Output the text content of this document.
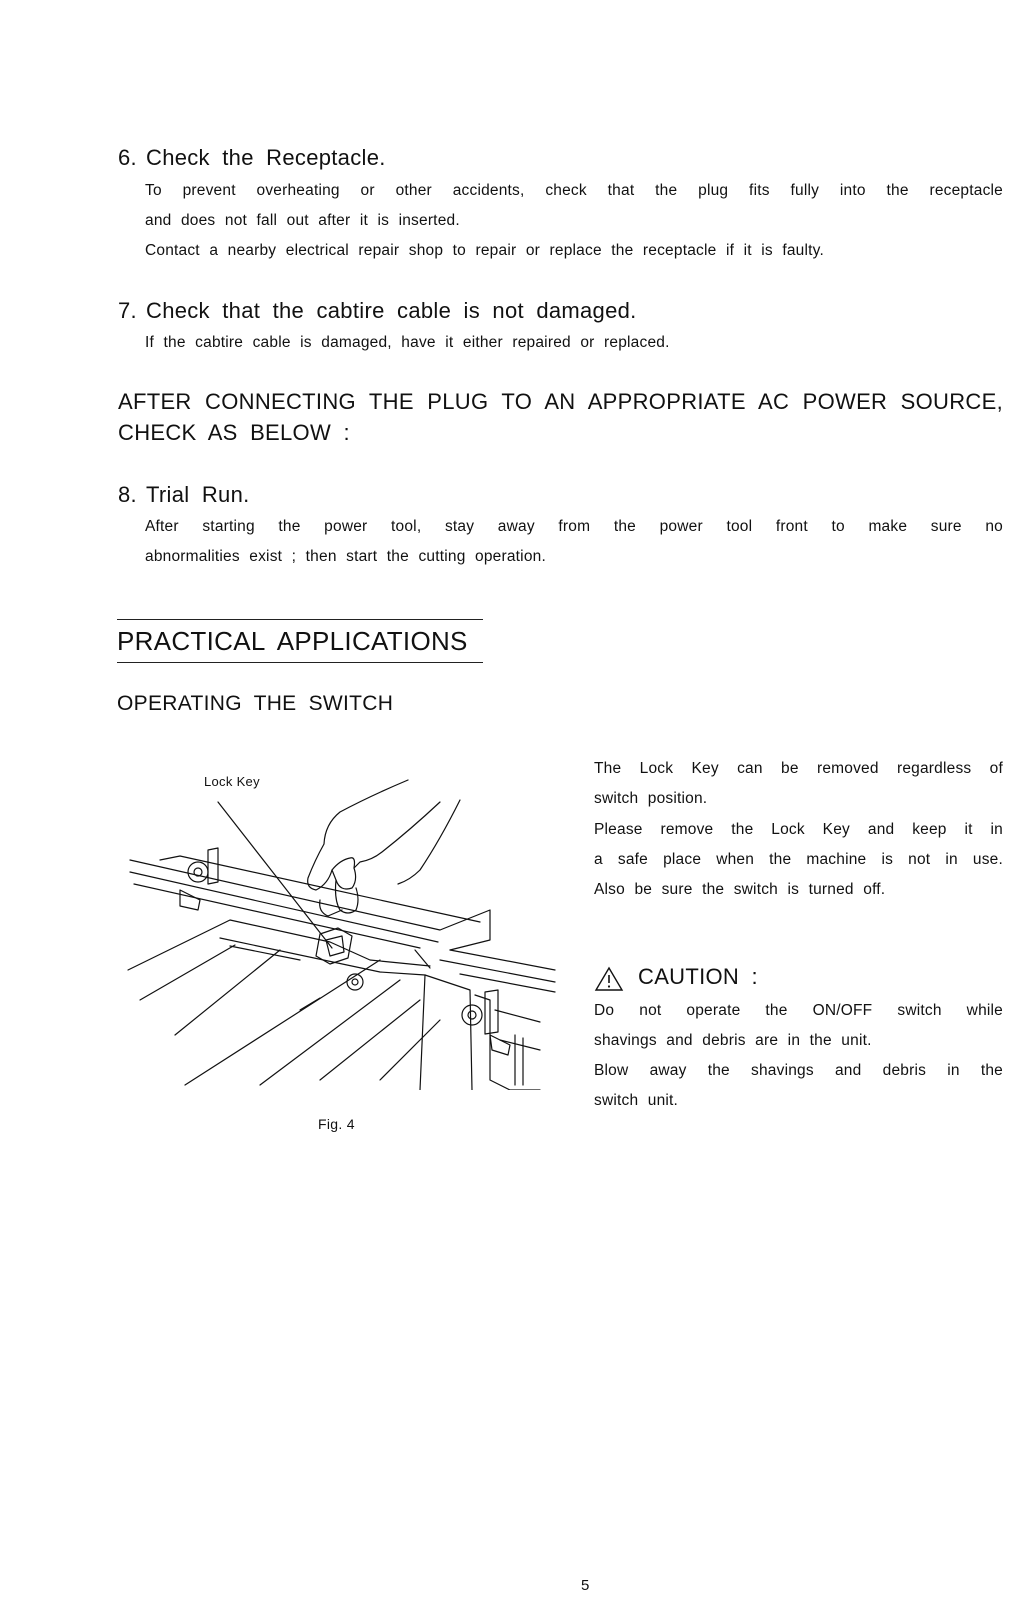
6. Check the Receptacle.
To prevent overheating or other accidents, check that the plug fits fully into the receptacle
and does not fall out after it is inserted.
Contact a nearby electrical repair shop to repair or replace the receptacle if it is faulty.
7. Check that the cabtire cable is not damaged.
If the cabtire cable is damaged, have it either repaired or replaced.
AFTER CONNECTING THE PLUG TO AN APPROPRIATE AC POWER SOURCE,
CHECK AS BELOW :
8. Trial Run.
After starting the power tool, stay away from the power tool front to make sure no
abnormalities exist ; then start the cutting operation.
PRACTICAL APPLICATIONS
OPERATING THE SWITCH
Lock Key
Fig. 4
The Lock Key can be removed regardless of
switch position.
Please remove the Lock Key and keep it in
a safe place when the machine is not in use.
Also be sure the switch is turned off.
CAUTION :
Do not operate the ON/OFF switch while
shavings and debris are in the unit.
Blow away the shavings and debris in the
switch unit.
5
